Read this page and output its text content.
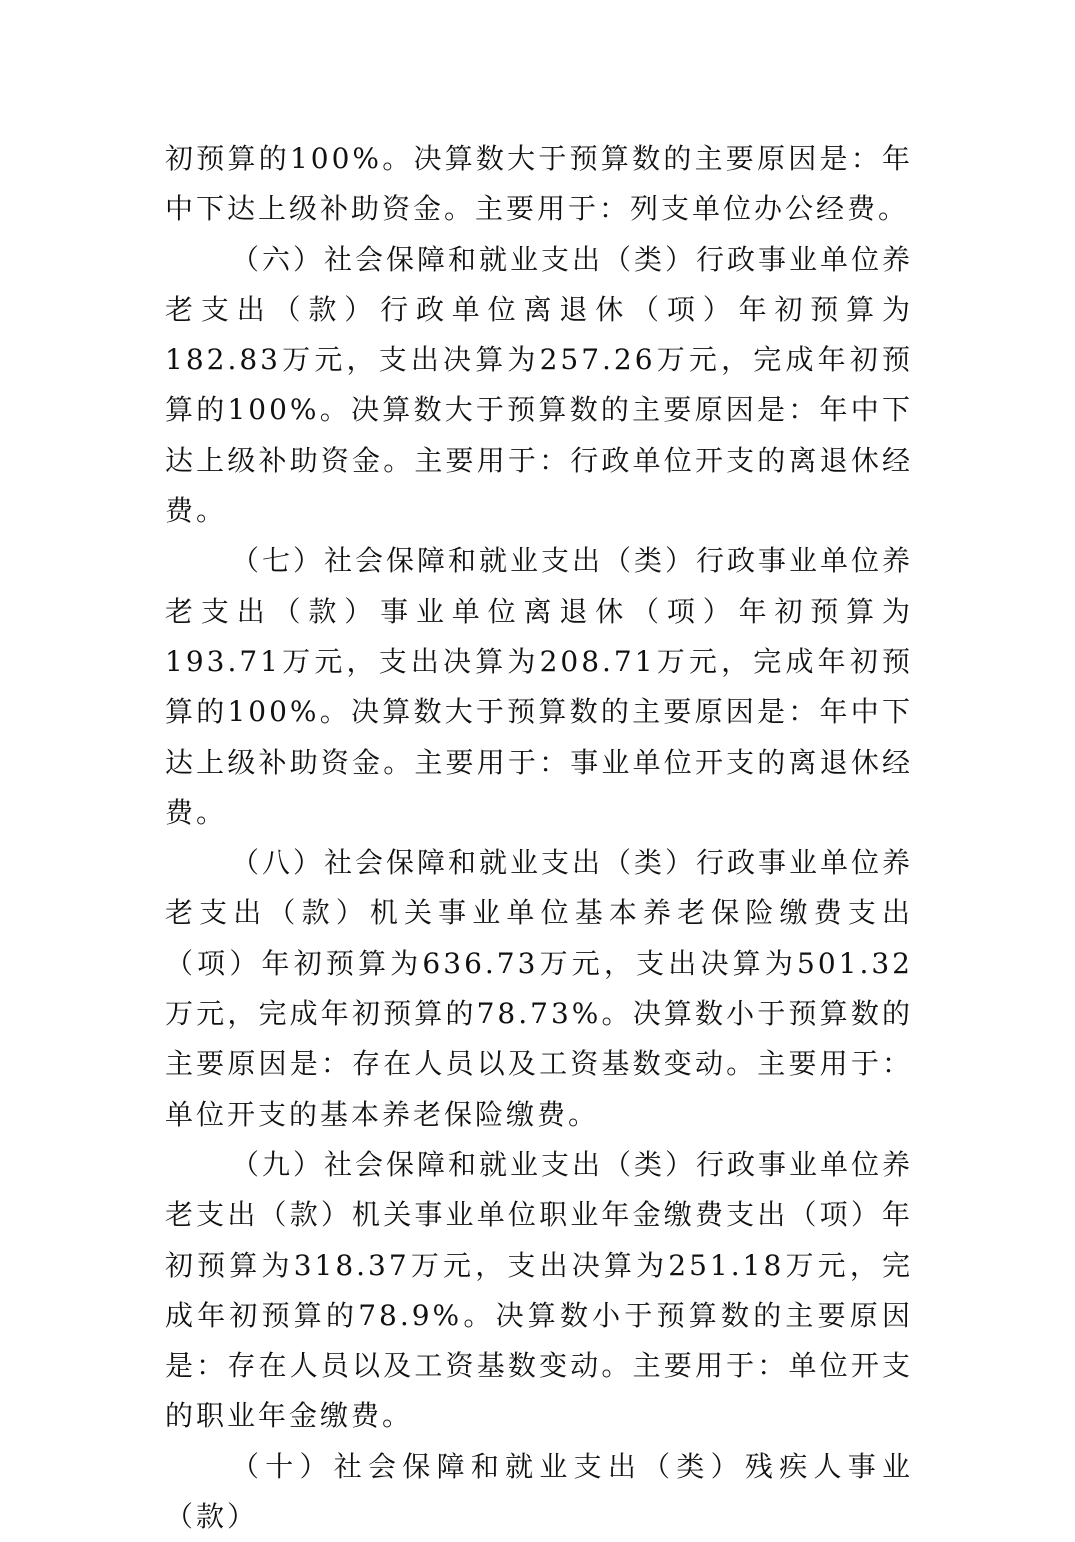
初预算的100%。决算数大于预算数的主要原因是：年中下达上级补助资金。主要用于：列支单位办公经费。

（六）社会保障和就业支出（类）行政事业单位养老支出（款）行政单位离退休（项）年初预算为182.83万元，支出决算为257.26万元，完成年初预算的100%。决算数大于预算数的主要原因是：年中下达上级补助资金。主要用于：行政单位开支的离退休经费。

（七）社会保障和就业支出（类）行政事业单位养老支出（款）事业单位离退休（项）年初预算为193.71万元，支出决算为208.71万元，完成年初预算的100%。决算数大于预算数的主要原因是：年中下达上级补助资金。主要用于：事业单位开支的离退休经费。

（八）社会保障和就业支出（类）行政事业单位养老支出（款）机关事业单位基本养老保险缴费支出（项）年初预算为636.73万元，支出决算为501.32万元，完成年初预算的78.73%。决算数小于预算数的主要原因是：存在人员以及工资基数变动。主要用于：单位开支的基本养老保险缴费。

（九）社会保障和就业支出（类）行政事业单位养老支出（款）机关事业单位职业年金缴费支出（项）年初预算为318.37万元，支出决算为251.18万元，完成年初预算的78.9%。决算数小于预算数的主要原因是：存在人员以及工资基数变动。主要用于：单位开支的职业年金缴费。

（十）社会保障和就业支出（类）残疾人事业（款）
